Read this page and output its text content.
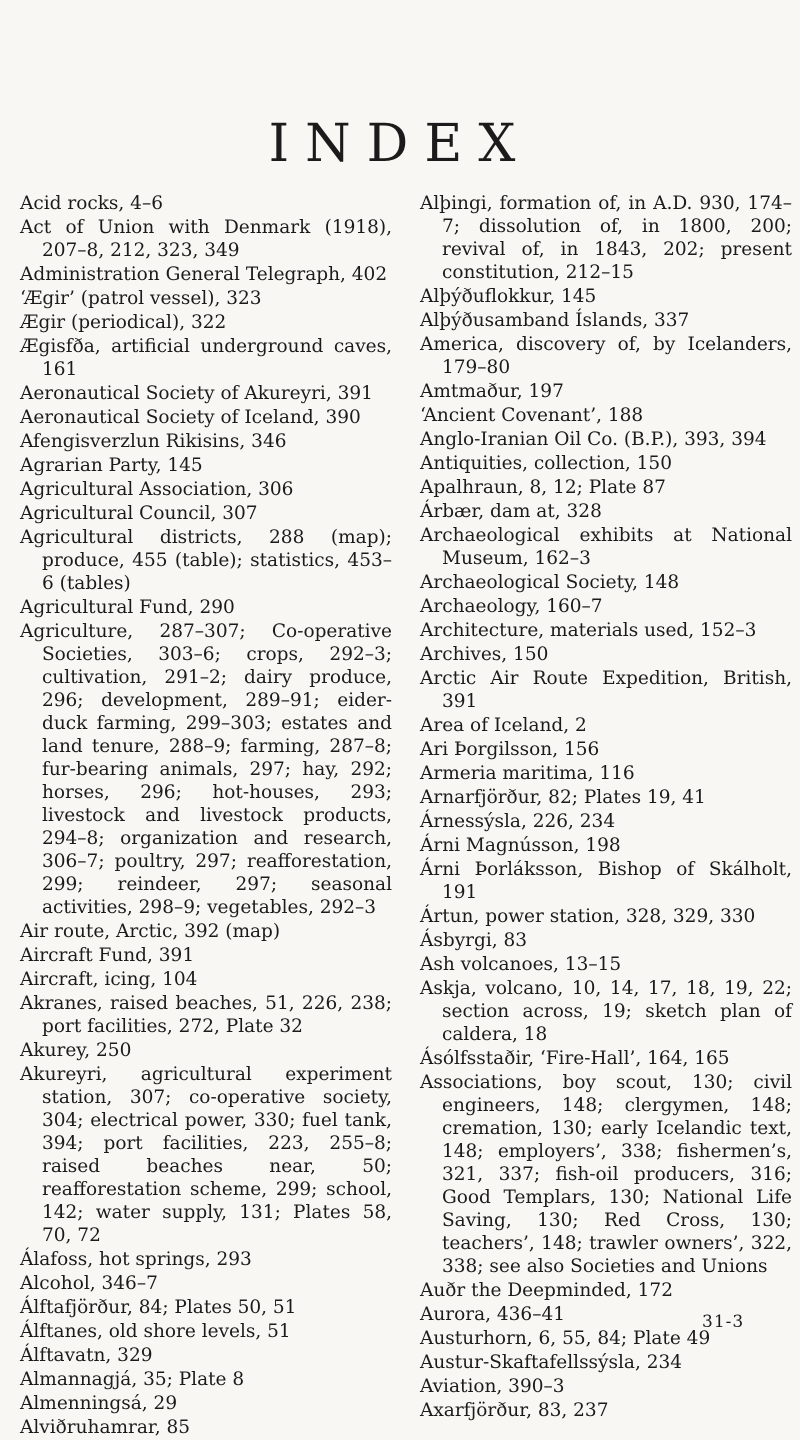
INDEX
Acid rocks, 4–6
Act of Union with Denmark (1918), 207–8, 212, 323, 349
Administration General Telegraph, 402
‘Ægir’ (patrol vessel), 323
Ægir (periodical), 322
Ægisfða, artificial underground caves, 161
Aeronautical Society of Akureyri, 391
Aeronautical Society of Iceland, 390
Afengisverzlun Rikisins, 346
Agrarian Party, 145
Agricultural Association, 306
Agricultural Council, 307
Agricultural districts, 288 (map); produce, 455 (table); statistics, 453–6 (tables)
Agricultural Fund, 290
Agriculture, 287–307; Co-operative Societies, 303–6; crops, 292–3; cultivation, 291–2; dairy produce, 296; development, 289–91; eider-duck farming, 299–303; estates and land tenure, 288–9; farming, 287–8; fur-bearing animals, 297; hay, 292; horses, 296; hot-houses, 293; livestock and livestock products, 294–8; organization and research, 306–7; poultry, 297; reafforestation, 299; reindeer, 297; seasonal activities, 298–9; vegetables, 292–3
Air route, Arctic, 392 (map)
Aircraft Fund, 391
Aircraft, icing, 104
Akranes, raised beaches, 51, 226, 238; port facilities, 272, Plate 32
Akurey, 250
Akureyri, agricultural experiment station, 307; co-operative society, 304; electrical power, 330; fuel tank, 394; port facilities, 223, 255–8; raised beaches near, 50; reafforestation scheme, 299; school, 142; water supply, 131; Plates 58, 70, 72
Álafoss, hot springs, 293
Alcohol, 346–7
Álftafjörður, 84; Plates 50, 51
Álftanes, old shore levels, 51
Álftavatn, 329
Almannagjá, 35; Plate 8
Almenningsá, 29
Alviðruhamrar, 85
Alþingi, formation of, in A.D. 930, 174–7; dissolution of, in 1800, 200; revival of, in 1843, 202; present constitution, 212–15
Alþýðuflokkur, 145
Alþýðusamband Íslands, 337
America, discovery of, by Icelanders, 179–80
Amtmaður, 197
‘Ancient Covenant’, 188
Anglo-Iranian Oil Co. (B.P.), 393, 394
Antiquities, collection, 150
Apalhraun, 8, 12; Plate 87
Árbær, dam at, 328
Archaeological exhibits at National Museum, 162–3
Archaeological Society, 148
Archaeology, 160–7
Architecture, materials used, 152–3
Archives, 150
Arctic Air Route Expedition, British, 391
Area of Iceland, 2
Ari Þorgilsson, 156
Armeria maritima, 116
Arnarfjörður, 82; Plates 19, 41
Árnessýsla, 226, 234
Árni Magnússon, 198
Árni Þorláksson, Bishop of Skálholt, 191
Ártun, power station, 328, 329, 330
Ásbyrgi, 83
Ash volcanoes, 13–15
Askja, volcano, 10, 14, 17, 18, 19, 22; section across, 19; sketch plan of caldera, 18
Ásólfsstaðir, ‘Fire-Hall’, 164, 165
Associations, boy scout, 130; civil engineers, 148; clergymen, 148; cremation, 130; early Icelandic text, 148; employers’, 338; fishermen’s, 321, 337; fish-oil producers, 316; Good Templars, 130; National Life Saving, 130; Red Cross, 130; teachers’, 148; trawler owners’, 322, 338; see also Societies and Unions
Auðr the Deepminded, 172
Aurora, 436–41
Austurhorn, 6, 55, 84; Plate 49
Austur-Skaftafellssýsla, 234
Aviation, 390–3
Axarfjörður, 83, 237
31-3
